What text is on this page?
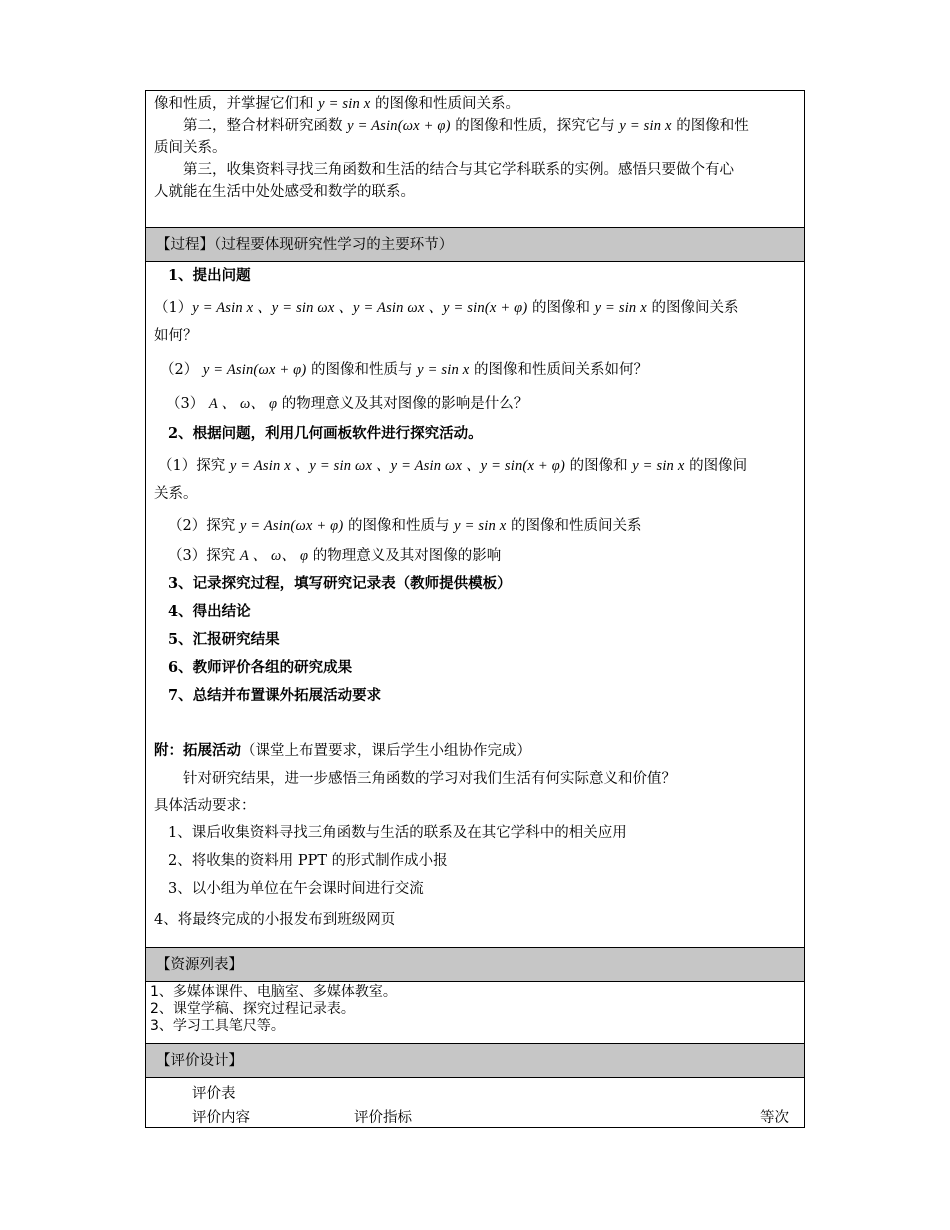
像和性质，并掌握它们和 y = sin x 的图像和性质间关系。
　　第二，整合材料研究函数 y = Asin(ωx + φ) 的图像和性质，探究它与 y = sin x 的图像和性
质间关系。
　　第三，收集资料寻找三角函数和生活的结合与其它学科联系的实例。感悟只要做个有心
人就能在生活中处处感受和数学的联系。
【过程】（过程要体现研究性学习的主要环节）
1、提出问题
（1）y = Asin x 、y = sin ωx 、y = Asin ωx 、y = sin(x + φ) 的图像和 y = sin x 的图像间关系
如何？
（2） y = Asin(ωx + φ) 的图像和性质与 y = sin x 的图像和性质间关系如何？
（3） A 、 ω、 φ 的物理意义及其对图像的影响是什么？
2、根据问题，利用几何画板软件进行探究活动。
（1）探究 y = Asin x 、y = sin ωx 、y = Asin ωx 、y = sin(x + φ) 的图像和 y = sin x 的图像间
关系。
（2）探究 y = Asin(ωx + φ) 的图像和性质与 y = sin x 的图像和性质间关系
（3）探究 A 、 ω、 φ 的物理意义及其对图像的影响
3、记录探究过程，填写研究记录表（教师提供模板）
4、得出结论
5、汇报研究结果
6、教师评价各组的研究成果
7、总结并布置课外拓展活动要求
附：拓展活动（课堂上布置要求，课后学生小组协作完成）
　　针对研究结果，进一步感悟三角函数的学习对我们生活有何实际意义和价值？
具体活动要求：
1、课后收集资料寻找三角函数与生活的联系及在其它学科中的相关应用
2、将收集的资料用 PPT 的形式制作成小报
3、以小组为单位在午会课时间进行交流
4、将最终完成的小报发布到班级网页
【资源列表】
1、多媒体课件、电脑室、多媒体教室。
2、课堂学稿、探究过程记录表。
3、学习工具笔尺等。
【评价设计】
评价表
评价内容	评价指标	等次
